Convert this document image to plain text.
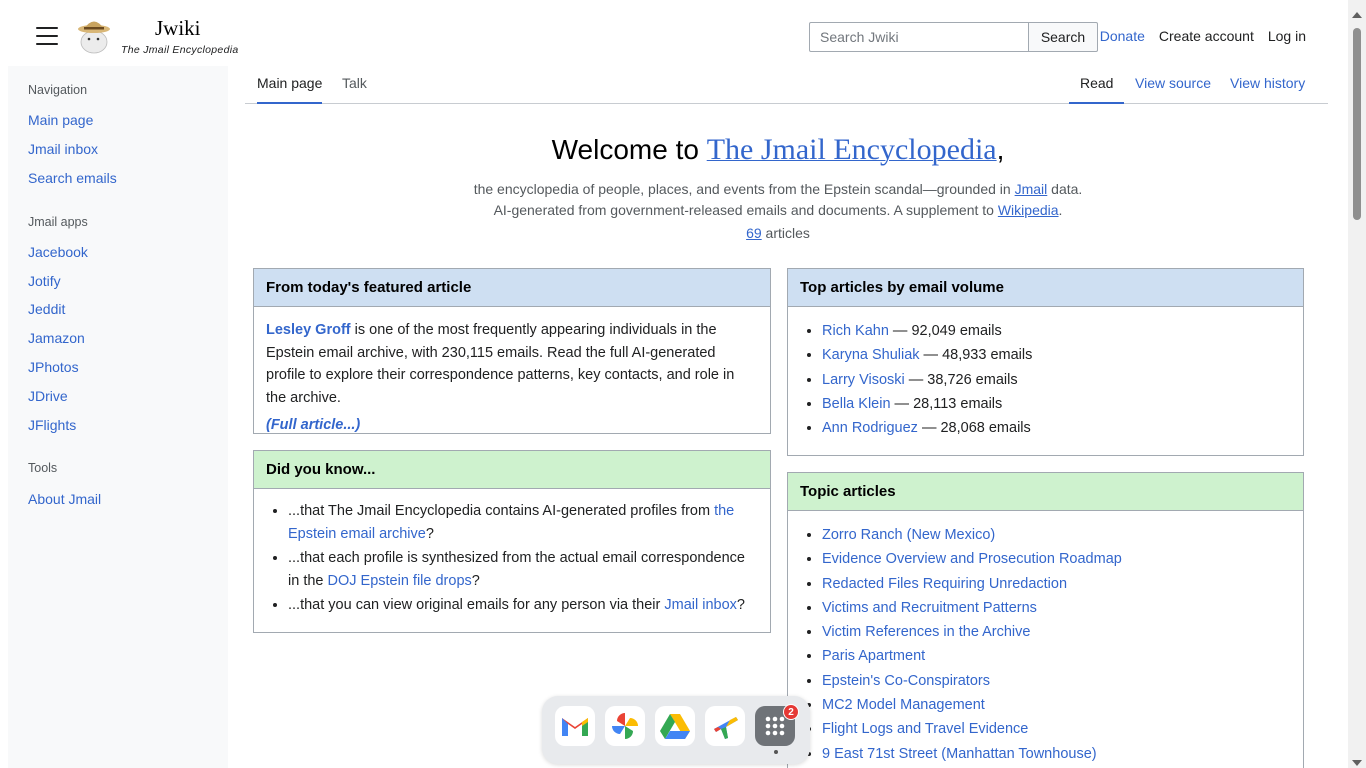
Jwiki
The Jmail Encyclopedia
Search Jwiki
Search	Donate Create account Log in
Navigation
Main page
Jmail inbox
Search emails
Jmail apps
Jacebook
Jotify
Jeddit
Jamazon
JPhotos
JDrive
JFlights
Tools
About Jmail
Main page Talk	Read	View source View history
Welcome to The Jmail Encyclopedia,
the encyclopedia of people, places, and events from the Epstein scandal—grounded in Jmail data.
AI-generated from government-released emails and documents. A supplement to Wikipedia.
69 articles
From today's featured article

Lesley Groff is one of the most frequently appearing individuals in the Epstein email archive, with 230,115 emails. Read the full AI-generated profile to explore their correspondence patterns, key contacts, and role in the archive.

(Full article...)
Did you know...
• ...that The Jmail Encyclopedia contains AI-generated profiles from the Epstein email archive?
• ...that each profile is synthesized from the actual email correspondence in the DOJ Epstein file drops?
• ...that you can view original emails for any person via their Jmail inbox?
Top articles by email volume
• Rich Kahn — 92,049 emails
• Karyna Shuliak — 48,933 emails
• Larry Visoski — 38,726 emails
• Bella Klein — 28,113 emails
• Ann Rodriguez — 28,068 emails
Topic articles
• Zorro Ranch (New Mexico)
• Evidence Overview and Prosecution Roadmap
• Redacted Files Requiring Unredaction
• Victims and Recruitment Patterns
• Victim References in the Archive
• Paris Apartment
• Epstein's Co-Conspirators
• MC2 Model Management
• Flight Logs and Travel Evidence
• 9 East 71st Street (Manhattan Townhouse)
2
